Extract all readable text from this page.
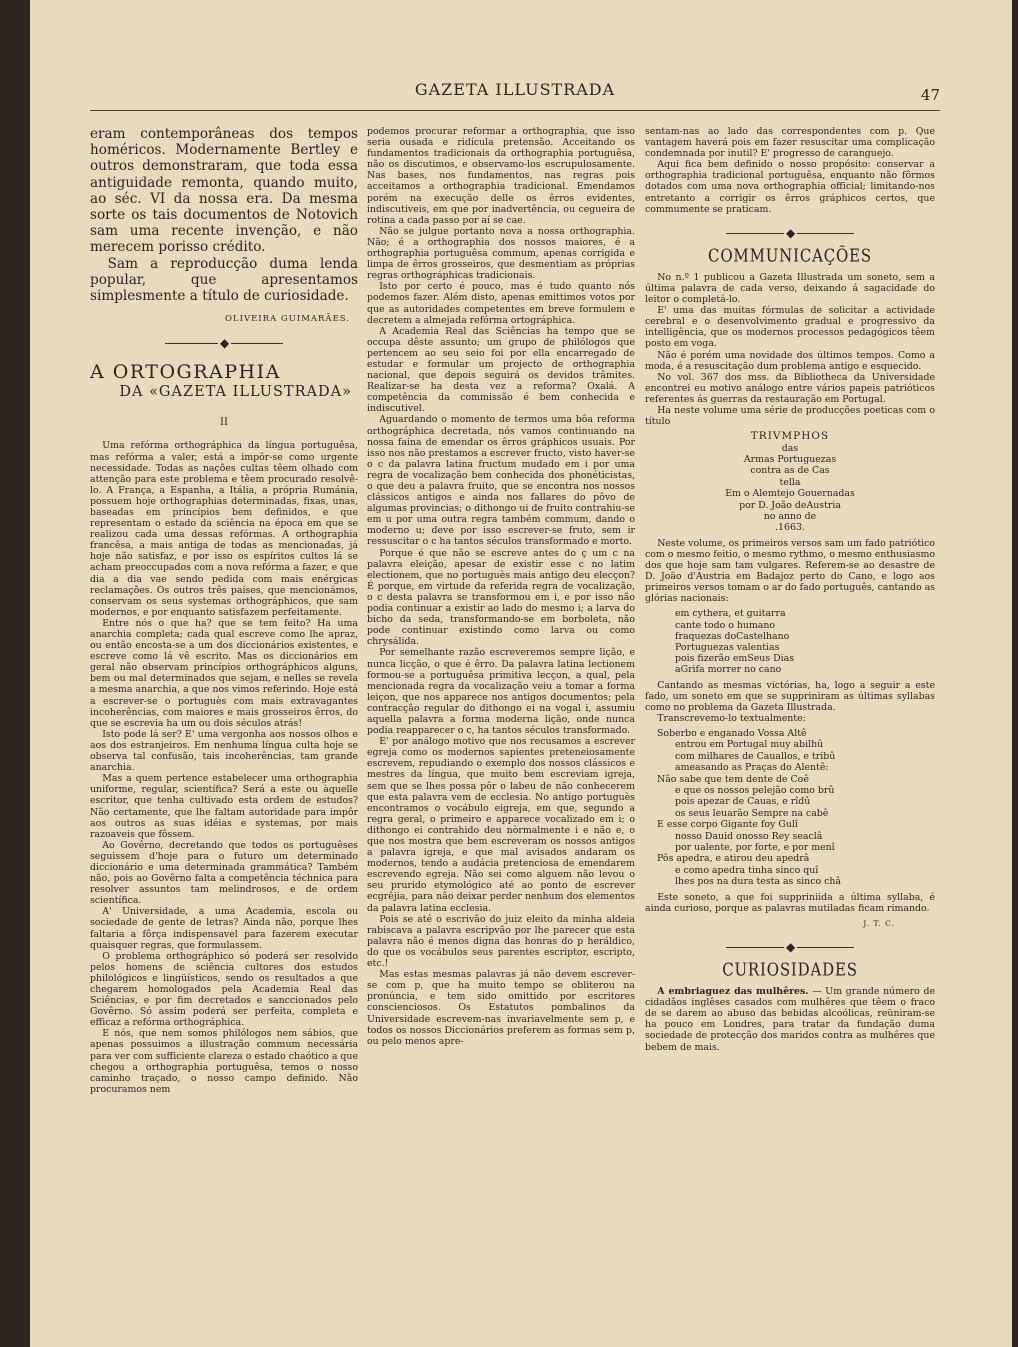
GAZETA ILLUSTRADA	47

eram contemporâneas dos tempos homéricos. Modernamente Bertley e outros demonstraram, que toda essa antiguidade remonta, quando muito, ao séc. VI da nossa era. Da mesma sorte os tais documentos de Notovich sam uma recente invenção, e não merecem porisso crédito.

Sam a reproducção duma lenda popular, que apresentamos simplesmente a título de curiosidade.

OLIVEIRA GUIMARÃES.
◆
A ORTOGRAPHIA
DA «GAZETA ILLUSTRADA»
II

Uma refórma orthográphica da língua portuguêsa, mas refórma a valer, está a impôr-se como urgente necessidade. Todas as nações cultas têem olhado com attenção para este problema e têem procurado resolvê-lo. A França, a Espanha, a Itália, a própria Rumánia, possuem hoje orthographias determinadas, fixas, unas, baseadas em princípios bem definidos, e que representam o estado da sciência na época em que se realizou cada uma dessas refórmas. A orthographia francêsa, a mais antiga de todas as mencionadas, já hoje não satisfaz, e por isso os espíritos cultos lá se acham preoccupados com a nova refórma a fazer, e que dia a dia vae sendo pedida com mais enérgicas reclamações. Os outros três países, que mencionámos, conservam os seus systemas orthográphicos, que sam modernos, e por enquanto satisfazem perfeitamente.

Entre nós o que ha? que se tem feito? Ha uma anarchia completa; cada qual escreve como lhe apraz, ou então encosta-se a um dos diccionários existentes, e escreve como lá vê escrito. Mas os diccionários em geral não observam princípios orthográphicos alguns, bem ou mal determinados que sejam, e nelles se revela a mesma anarchia, a que nos vimos referindo. Hoje está a escrever-se o portuguès com mais extravagantes incoherências, com maiores e mais grosseiros êrros, do que se escrevia ha um ou dois séculos atrás!

Isto pode lá ser? E' uma vergonha aos nossos olhos e aos dos estranjeiros. Em nenhuma língua culta hoje se observa tal confusão, tais incoherências, tam grande anarchia.

Mas a quem pertence estabelecer uma orthographia uniforme, regular, scientífica? Será a este ou àquelle escritor, que tenha cultivado esta ordem de estudos? Não certamente, que lhe faltam autoridade para impôr aos outros as suas idéias e systemas, por mais razoaveis que fôssem.

Ao Govêrno, decretando que todos os portuguêses seguissem d'hoje para o futuro um determinado diccionário e uma determinada grammática? Também não, pois ao Govêrno falta a competência téchnica para resolver assuntos tam melindrosos, e de ordem scientífica.

A' Universidade, a uma Academia, escola ou sociedade de gente de letras? Ainda não, porque lhes faltaria a fôrça indispensavel para fazerem executar quaisquer regras, que formulassem.

O problema orthográphico só poderá ser resolvido pelos homens de sciência cultores dos estudos philológicos e lingüísticos, sendo os resultados a que chegarem homologados pela Academia Real das Sciências, e por fim decretados e sanccionados pelo Govêrno. Só assim poderá ser perfeita, completa e efficaz a refórma orthográphica.

E nós, que nem somos philólogos nem sábios, que apenas possuimos a illustração commum necessária para ver com sufficiente clareza o estado chaótico a que chegou a orthographia portuguêsa, temos o nosso caminho traçado, o nosso campo definido. Não procuramos nem

podemos procurar reformar a orthographia, que isso seria ousada e ridícula pretensão. Acceitando os fundamentos tradicionais da orthographia portuguêsa, não os discutimos, e observamo-los escrupulosamente. Nas bases, nos fundamentos, nas regras pois acceitamos a orthographia tradicional. Emendamos porém na execução delle os êrros evidentes, indiscutiveis, em que por inadvertência, ou cegueira de rotina a cada passo por aí se cae.

Não se julgue portanto nova a nossa orthographia. Não; é a orthographia dos nossos maiores, é a orthographia portuguêsa commum, apenas corrigida e limpa de êrros grosseiros, que desmentiam as próprias regras orthográphicas tradicionais.

Isto por certo é pouco, mas é tudo quanto nós podemos fazer. Além disto, apenas emittimos votos por que as autoridades competentes em breve formulem e decretem a almejada refórma ortográphica.

A Academia Real das Sciências ha tempo que se occupa dêste assunto; um grupo de philólogos que pertencem ao seu seio foi por ella encarregado de estudar e formular um projecto de orthographia nacional, que depois seguirá os devidos trâmites. Realizar-se ha desta vez a reforma? Oxalá. A competência da commissão é bem conhecida e indiscutivel.

Aguardando o momento de termos uma bôa reforma orthográphica decretada, nós vamos continuando na nossa faina de emendar os êrros gráphicos usuais. Por isso nos não prestamos a escrever fructo, visto haver-se o c da palavra latina fructum mudado em i por uma regra de vocalização bem conhecida dos phonéticistas, o que deu a palavra fruito, que se encontra nos nossos clássicos antigos e ainda nos fallares do pôvo de algumas provincias; o dithongo ui de fruito contrahiu-se em u por uma outra regra também commum, dando o moderno u; deve por isso escrever-se fruto, sem ir ressuscitar o c ha tantos séculos transformado e morto.

Porque é que não se escreve antes do ç um c na palavra eleição, apesar de existir esse c no latim electionem, que no portuguès mais antigo deu elecçon? É porque, em virtude da referida regra de vocalização, o c desta palavra se transformou em i, e por isso não podia continuar a existir ao lado do mesmo i; a larva do bicho da seda, transformando-se em borboleta, não pode continuar existindo como larva ou como chrysálida.

Por semelhante razão escreveremos sempre lição, e nunca licção, o que é êrro. Da palavra latina lectionem formou-se a portuguêsa primitiva lecçon, a qual, pela mencionada regra da vocalização veiu a tomar a forma leiçon, que nos apparece nos antigos documentos; pela contracção regular do dithongo ei na vogal i, assumiu aquella palavra a forma moderna lição, onde nunca podia reapparecer o c, ha tantos séculos transformado.

E' por análogo motivo que nos recusamos a escrever egreja como os modernos sapientes preteneiosamente escrevem, repudiando o exemplo dos nossos clássicos e mestres da língua, que muito bem escreviam igreja, sem que se lhes possa pôr o labeu de não conhecerem que esta palavra vem de ecclesia. No antigo portuguès encontramos o vocábulo eigreja, em que, segundo a regra geral, o primeiro e apparece vocalizado em i; o dithongo ei contrahido deu nòrmalmente i e não e, o que nos mostra que bem escreveram os nossos antigos a palavra igreja, e que mal avisados andaram os modernos, tendo a audácia pretenciosa de emendarem escrevendo egreja. Não sei como alguem não levou o seu prurido etymológico até ao ponto de escrever ecgrêjia, para não deixar perder nenhum dos elementos da palavra latina ecclesia.

Pois se até o escrivão do juiz eleito da minha aldeia rabiscava a palavra escripvão por lhe parecer que esta palavra não é menos digna das honras do p heráldico, do que os vocábulos seus parentes escriptor, escripto, etc.!

Mas estas mesmas palavras já não devem escrever-se com p, que ha muito tempo se obliterou na pronúncia, e tem sido omittido por escritores conscienciosos. Os Estatutos pombalinos da Universidade escrevem-nas invariavelmente sem p, e todos os nossos Diccionários preferem as formas sem p, ou pelo menos apre-

sentam-nas ao lado das correspondentes com p. Que vantagem haverá pois em fazer resuscitar uma complicação condemnada por inutil? E' progresso de caranguejo.

Aqui fica bem definido o nosso propósito: conservar a orthographia tradicional portuguêsa, enquanto não fôrmos dotados com uma nova orthographia official; limitando-nos entretanto a corrigir os êrros gráphicos certos, que commumente se praticam.

◆
COMMUNICAÇÕES

No n.º 1 publicou a Gazeta Illustrada um soneto, sem a última palavra de cada verso, deixando á sagacidade do leitor o completá-lo.

E' uma das muitas fórmulas de solicitar a actividade cerebral e o desenvolvimento gradual e progressivo da intelligência, que os modernos processos pedagógicos têem posto em voga.

Não é porém uma novidade dos últimos tempos. Como a moda, é a resuscitação dum problema antigo e esquecido.

No vol. 367 dos mss. da Bibliotheca da Universidade encontrei eu motivo análogo entre vários papeis patrióticos referentes ás guerras da restauração em Portugal.

Ha neste volume uma série de producções poeticas com o título

TRIVMPHOS
das
Armas Portuguezas
contra as de Cas
tella
Em o Alemtejo Gouernadas
por D. João deAustria
no anno de
.1663.

Neste volume, os primeiros versos sam um fado patriótico com o mesmo feitio, o mesmo rythmo, o mesmo enthusiasmo dos que hoje sam tam vulgares. Referem-se ao desastre de D. João d'Austria em Badajoz perto do Cano, e logo aos primeiros versos tomam o ar do fado português, cantando as glórias nacionais:

em cythera, et guitarra
cante todo o humano
fraquezas doCastelhano
Portuguezas valentias
pois fizerão emSeus Dias
aGrifa morrer no cano

Cantando as mesmas victórias, ha, logo a seguir a este fado, um soneto em que se suppriniram as últimas syllabas como no problema da Gazeta Illustrada.

Transcrevemo-lo textualmente:

Soberbo e enganado Vossa Altê
entrou em Portugal muy abilhû
com milhares de Cauallos, e tribû
ameasando as Praças do Alentê:
Não sabe que tem dente de Coê
e que os nossos pelejão como brû
pois apezar de Cauas, e rîdû
os seus leuarão Sempre na cabê
E esse corpo Gigante foy Gulî
nosso Dauid onosso Rey seaclâ
por ualente, por forte, e por menî
Pôs apedra, e atirou deu apedrâ
e como apedra tinha sinco quî
lhes pos na dura testa as sinco châ

Este soneto, a que foi suppriniida a última syllaba, é ainda curioso, porque as palavras mutiladas ficam rimando.

J. T. C.
◆
CURIOSIDADES

A embriaguez das mulhêres. — Um grande número de cidadãos inglêses casados com mulhêres que têem o fraco de se darem ao abuso das bebidas alcoólicas, reüniram-se ha pouco em Londres, para tratar da fundação duma sociedade de protecção dos maridos contra as mulhêres que bebem de mais.
